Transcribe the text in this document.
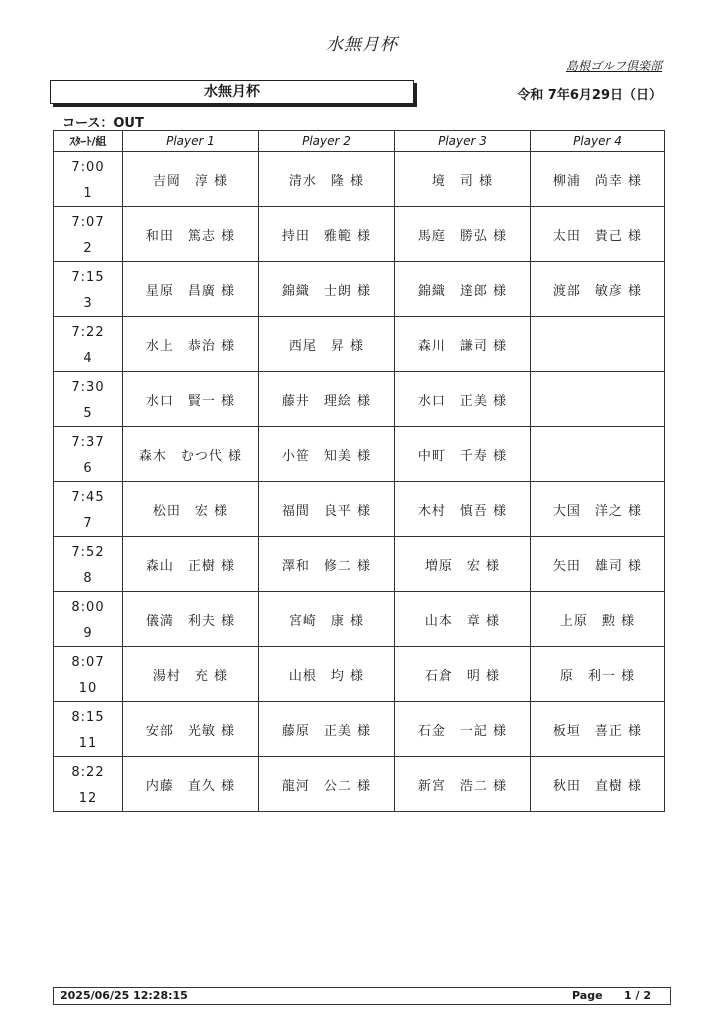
水無月杯
島根ゴルフ倶楽部
水無月杯	令和 7年6月29日（日）
コース：OUT
ｽﾀｰﾄ/組	Player 1	Player 2	Player 3	Player 4

7:00
1	吉岡　淳 様	清水　隆 様	境　司 様	柳浦　尚幸 様

7:07
2	和田　篤志 様	持田　雅範 様	馬庭　勝弘 様	太田　貴己 様

7:15
3	星原　昌廣 様	錦織　士朗 様	錦織　達郎 様	渡部　敏彦 様

7:22
4	水上　恭治 様	西尾　昇 様	森川　謙司 様	

7:30
5	水口　賢一 様	藤井　理絵 様	水口　正美 様	

7:37
6	森木　むつ代 様	小笹　知美 様	中町　千寿 様	

7:45
7	松田　宏 様	福間　良平 様	木村　慎吾 様	大国　洋之 様

7:52
8	森山　正樹 様	澤和　修二 様	増原　宏 様	矢田　雄司 様

8:00
9	儀満　利夫 様	宮崎　康 様	山本　章 様	上原　勲 様

8:07
10	湯村　充 様	山根　均 様	石倉　明 様	原　利一 様

8:15
11	安部　光敏 様	藤原　正美 様	石金　一記 様	板垣　喜正 様

8:22
12	内藤　直久 様	龍河　公二 様	新宮　浩二 様	秋田　直樹 様
2025/06/25 12:28:15	Page 1 / 2
